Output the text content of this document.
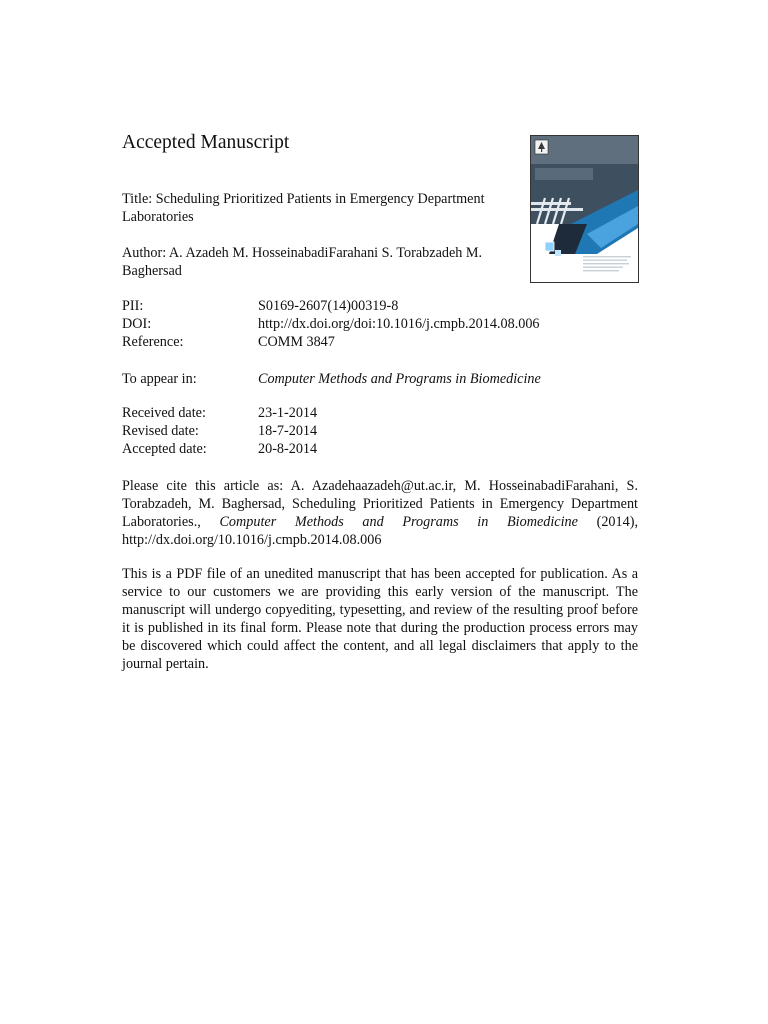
Accepted Manuscript
Title: Scheduling Prioritized Patients in Emergency Department Laboratories
Author: A. Azadeh M. HosseinabadiFarahani S. Torabzadeh M. Baghersad
PII:	S0169-2607(14)00319-8
DOI:	http://dx.doi.org/doi:10.1016/j.cmpb.2014.08.006
Reference:	COMM 3847
To appear in:	Computer Methods and Programs in Biomedicine
Received date:	23-1-2014
Revised date:	18-7-2014
Accepted date:	20-8-2014
Please cite this article as: A. Azadehaazadeh@ut.ac.ir, M. HosseinabadiFarahani, S. Torabzadeh, M. Baghersad, Scheduling Prioritized Patients in Emergency Department Laboratories., Computer Methods and Programs in Biomedicine (2014), http://dx.doi.org/10.1016/j.cmpb.2014.08.006
This is a PDF file of an unedited manuscript that has been accepted for publication. As a service to our customers we are providing this early version of the manuscript. The manuscript will undergo copyediting, typesetting, and review of the resulting proof before it is published in its final form. Please note that during the production process errors may be discovered which could affect the content, and all legal disclaimers that apply to the journal pertain.
